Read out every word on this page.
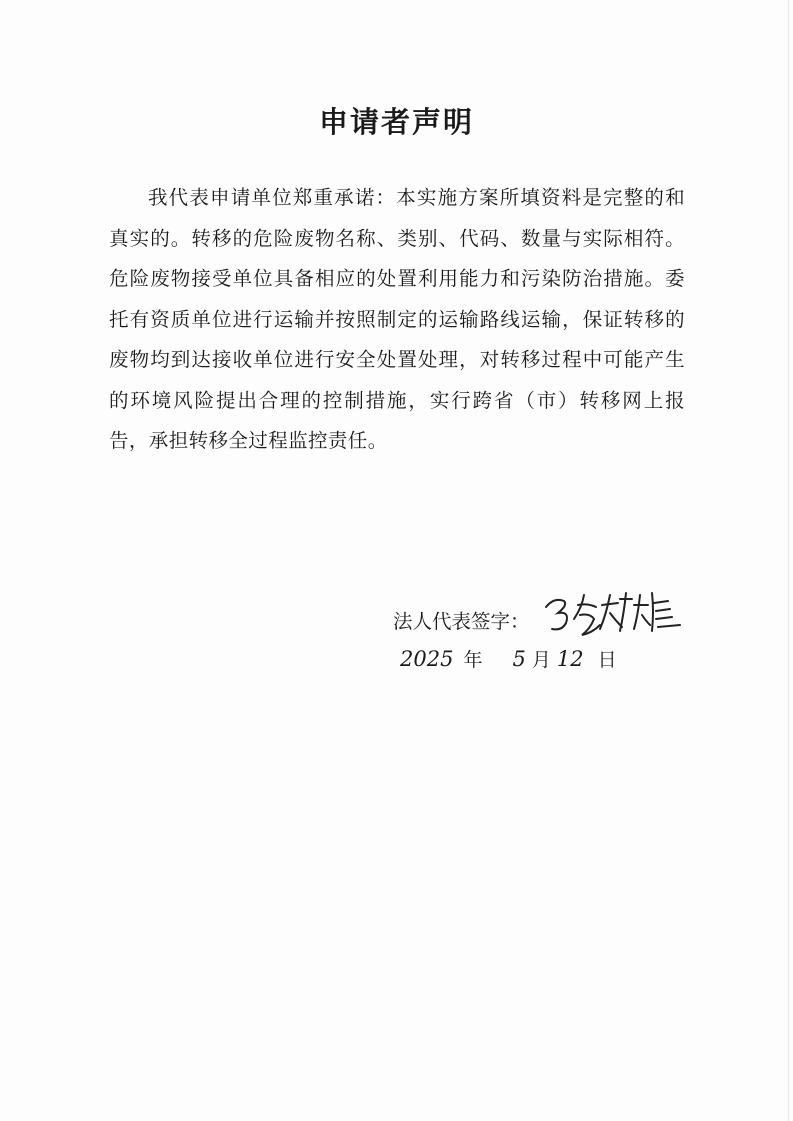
申请者声明
我代表申请单位郑重承诺：本实施方案所填资料是完整的和真实的。转移的危险废物名称、类别、代码、数量与实际相符。危险废物接受单位具备相应的处置利用能力和污染防治措施。委托有资质单位进行运输并按照制定的运输路线运输，保证转移的废物均到达接收单位进行安全处置处理，对转移过程中可能产生的环境风险提出合理的控制措施，实行跨省（市）转移网上报告，承担转移全过程监控责任。
法人代表签字：
2025 年 5 月 12 日
